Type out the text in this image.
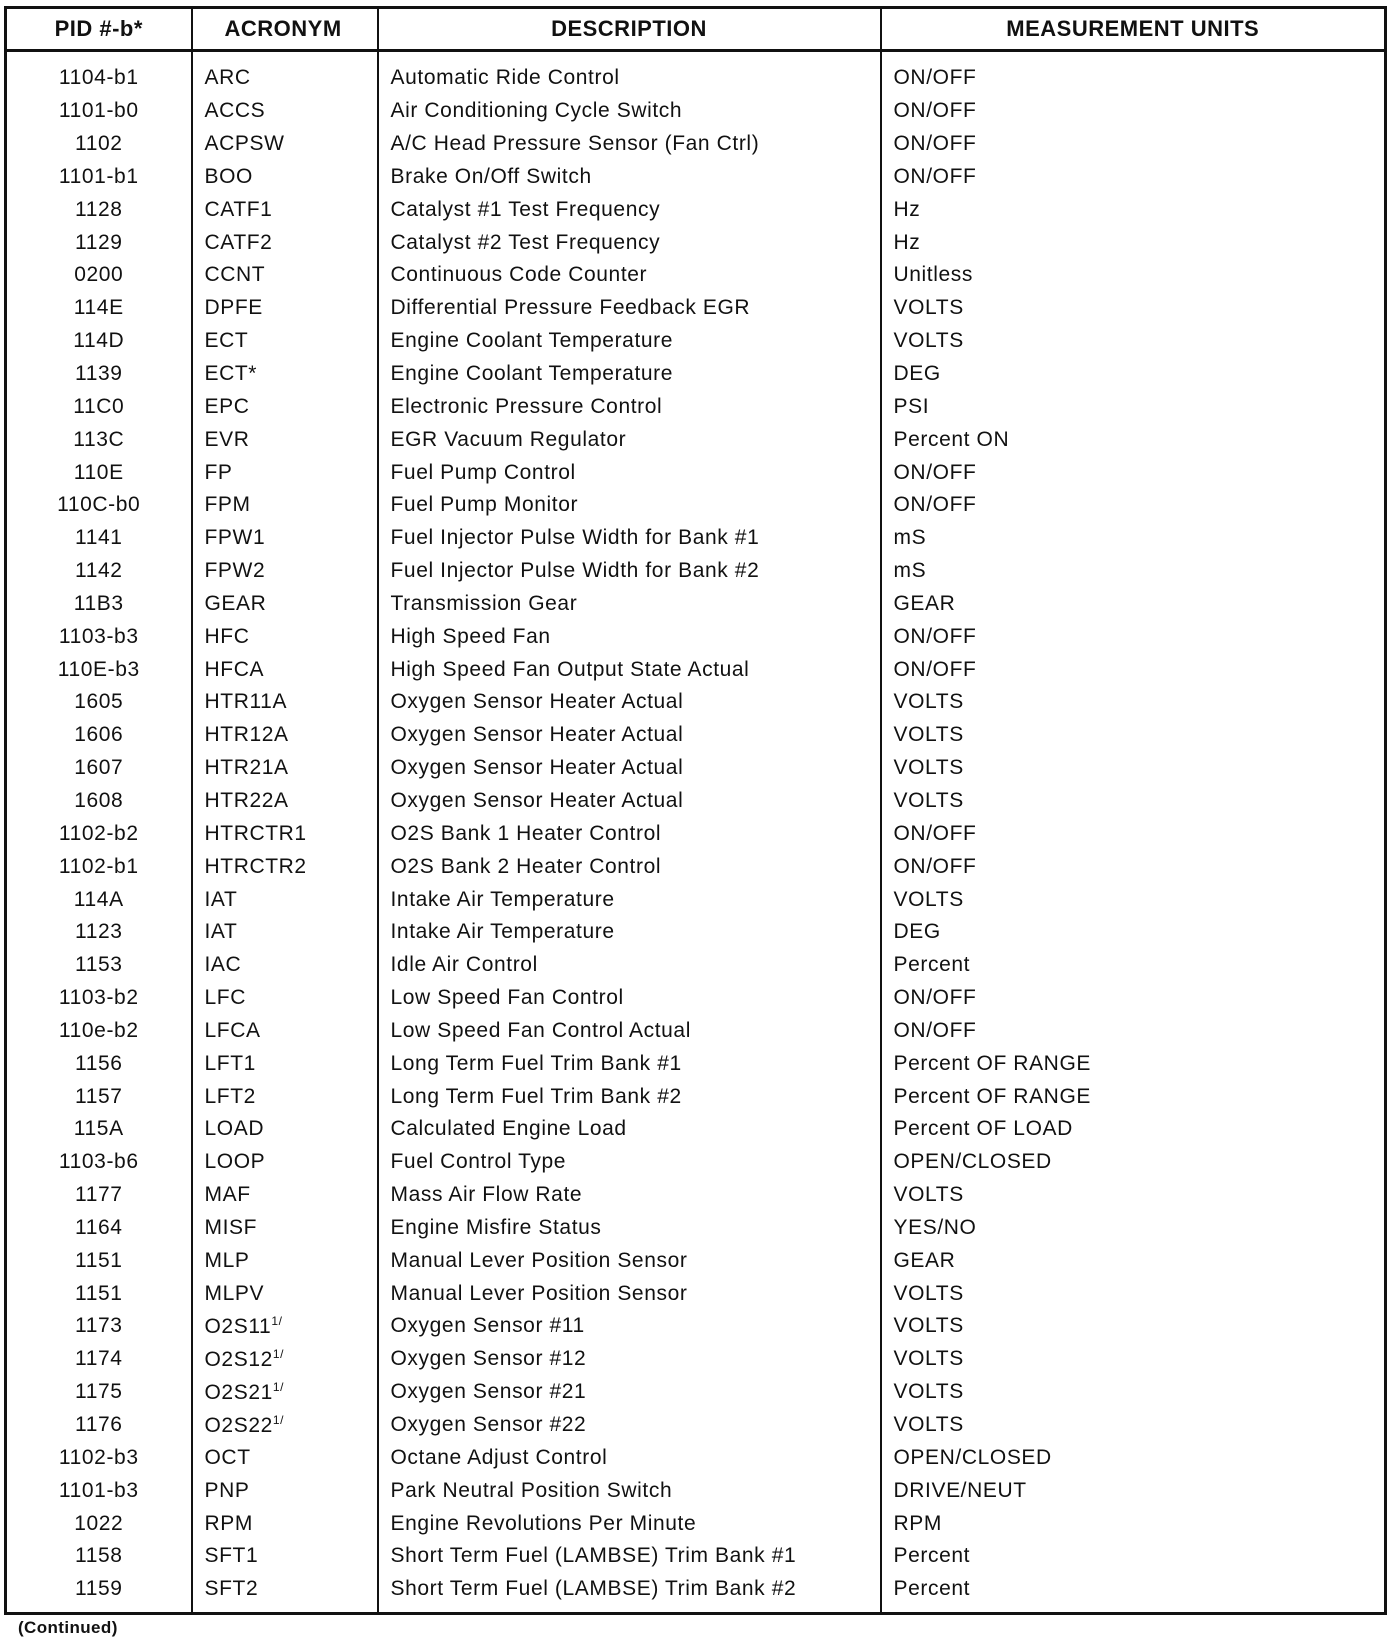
PID #-b*	ACRONYM	DESCRIPTION	MEASUREMENT UNITS
1104-b1	ARC	Automatic Ride Control	ON/OFF
1101-b0	ACCS	Air Conditioning Cycle Switch	ON/OFF
1102	ACPSW	A/C Head Pressure Sensor (Fan Ctrl)	ON/OFF
1101-b1	BOO	Brake On/Off Switch	ON/OFF
1128	CATF1	Catalyst #1 Test Frequency	Hz
1129	CATF2	Catalyst #2 Test Frequency	Hz
0200	CCNT	Continuous Code Counter	Unitless
114E	DPFE	Differential Pressure Feedback EGR	VOLTS
114D	ECT	Engine Coolant Temperature	VOLTS
1139	ECT*	Engine Coolant Temperature	DEG
11C0	EPC	Electronic Pressure Control	PSI
113C	EVR	EGR Vacuum Regulator	Percent ON
110E	FP	Fuel Pump Control	ON/OFF
110C-b0	FPM	Fuel Pump Monitor	ON/OFF
1141	FPW1	Fuel Injector Pulse Width for Bank #1	mS
1142	FPW2	Fuel Injector Pulse Width for Bank #2	mS
11B3	GEAR	Transmission Gear	GEAR
1103-b3	HFC	High Speed Fan	ON/OFF
110E-b3	HFCA	High Speed Fan Output State Actual	ON/OFF
1605	HTR11A	Oxygen Sensor Heater Actual	VOLTS
1606	HTR12A	Oxygen Sensor Heater Actual	VOLTS
1607	HTR21A	Oxygen Sensor Heater Actual	VOLTS
1608	HTR22A	Oxygen Sensor Heater Actual	VOLTS
1102-b2	HTRCTR1	O2S Bank 1 Heater Control	ON/OFF
1102-b1	HTRCTR2	O2S Bank 2 Heater Control	ON/OFF
114A	IAT	Intake Air Temperature	VOLTS
1123	IAT	Intake Air Temperature	DEG
1153	IAC	Idle Air Control	Percent
1103-b2	LFC	Low Speed Fan Control	ON/OFF
110e-b2	LFCA	Low Speed Fan Control Actual	ON/OFF
1156	LFT1	Long Term Fuel Trim Bank #1	Percent OF RANGE
1157	LFT2	Long Term Fuel Trim Bank #2	Percent OF RANGE
115A	LOAD	Calculated Engine Load	Percent OF LOAD
1103-b6	LOOP	Fuel Control Type	OPEN/CLOSED
1177	MAF	Mass Air Flow Rate	VOLTS
1164	MISF	Engine Misfire Status	YES/NO
1151	MLP	Manual Lever Position Sensor	GEAR
1151	MLPV	Manual Lever Position Sensor	VOLTS
1173	$O2S11^{1/}$	Oxygen Sensor #11	VOLTS
1174	$O2S12^{1/}$	Oxygen Sensor #12	VOLTS
1175	$O2S21^{1/}$	Oxygen Sensor #21	VOLTS
1176	$O2S22^{1/}$	Oxygen Sensor #22	VOLTS
1102-b3	OCT	Octane Adjust Control	OPEN/CLOSED
1101-b3	PNP	Park Neutral Position Switch	DRIVE/NEUT
1022	RPM	Engine Revolutions Per Minute	RPM
1158	SFT1	Short Term Fuel (LAMBSE) Trim Bank #1	Percent
1159	SFT2	Short Term Fuel (LAMBSE) Trim Bank #2	Percent
(Continued)
